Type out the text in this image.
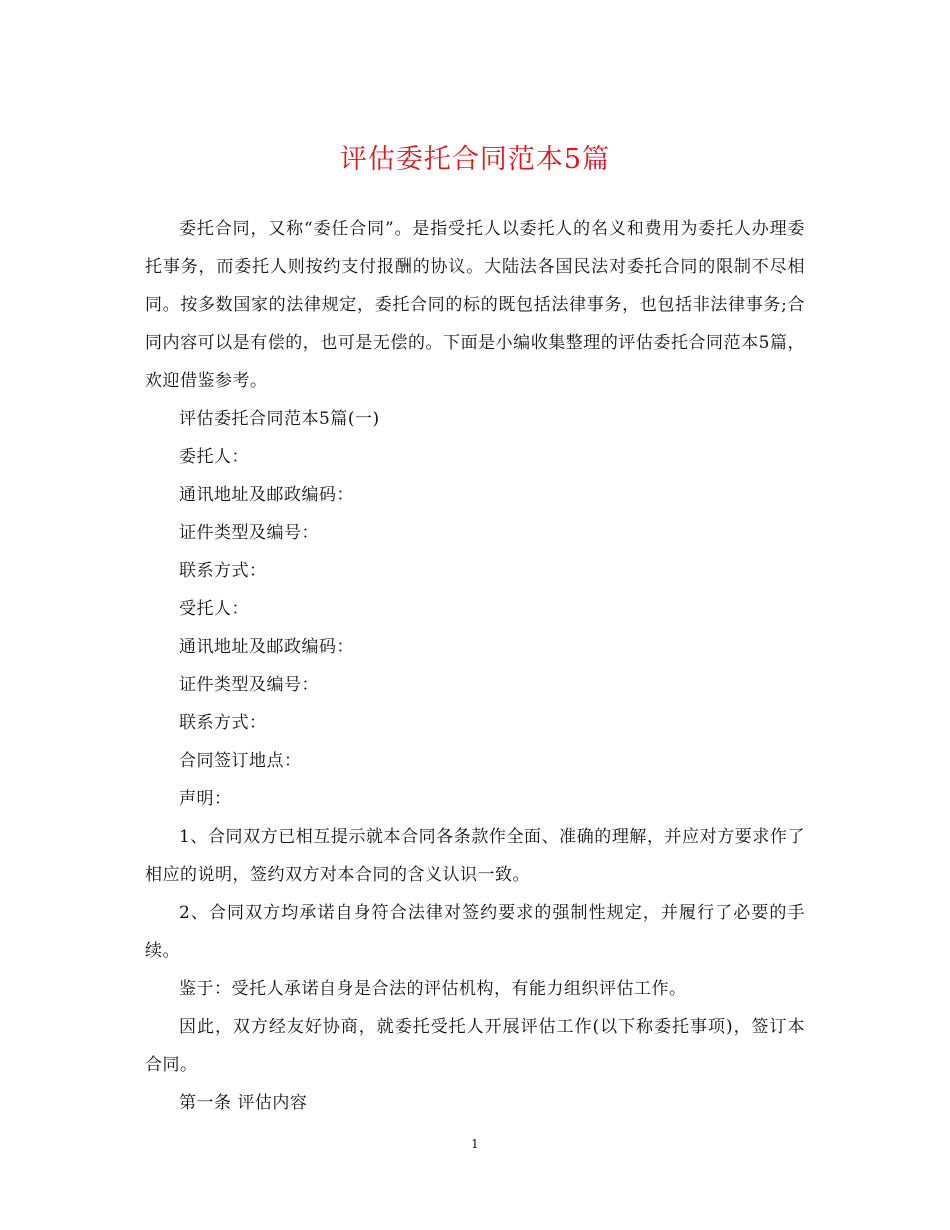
评估委托合同范本5篇

委托合同，又称“委任合同”。是指受托人以委托人的名义和费用为委托人办理委托事务，而委托人则按约支付报酬的协议。大陆法各国民法对委托合同的限制不尽相同。按多数国家的法律规定，委托合同的标的既包括法律事务，也包括非法律事务;合同内容可以是有偿的，也可是无偿的。下面是小编收集整理的评估委托合同范本5篇，欢迎借鉴参考。

评估委托合同范本5篇(一)

委托人：

通讯地址及邮政编码：

证件类型及编号：

联系方式：

受托人：

通讯地址及邮政编码：

证件类型及编号：

联系方式：

合同签订地点：

声明：

1、合同双方已相互提示就本合同各条款作全面、准确的理解，并应对方要求作了相应的说明，签约双方对本合同的含义认识一致。

2、合同双方均承诺自身符合法律对签约要求的强制性规定，并履行了必要的手续。

鉴于：受托人承诺自身是合法的评估机构，有能力组织评估工作。

因此，双方经友好协商，就委托受托人开展评估工作(以下称委托事项)，签订本合同。

第一条 评估内容

1
